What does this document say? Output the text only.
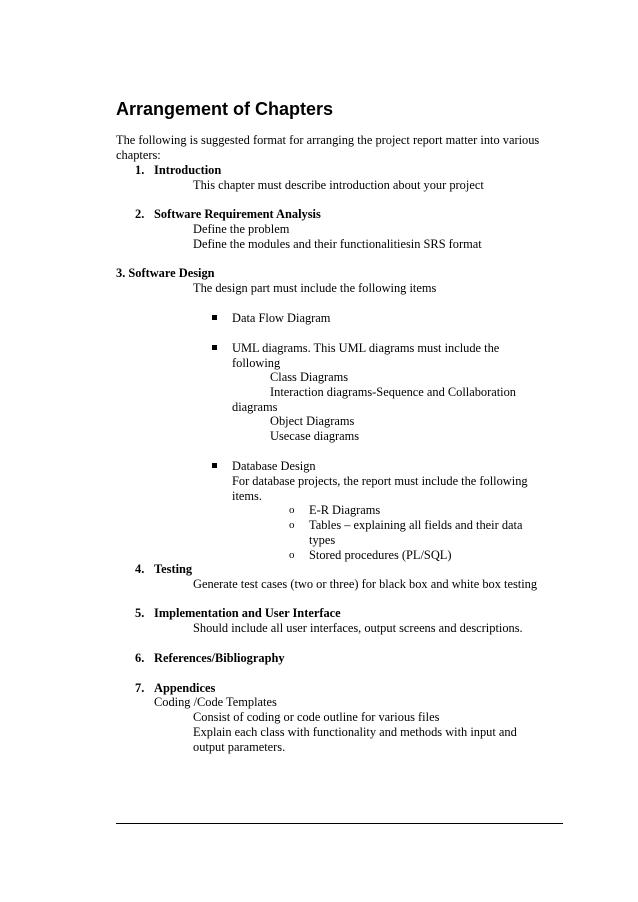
Arrangement of Chapters
The following is suggested format for arranging the project report matter into various
chapters:
1. Introduction
This chapter must describe introduction about your project
2. Software Requirement Analysis
Define the problem
Define the modules and their functionalitiesin SRS format
3. Software Design
The design part must include the following items
Data Flow Diagram
UML diagrams. This UML diagrams must include the
following
Class Diagrams
Interaction diagrams-Sequence and Collaboration
diagrams
Object Diagrams
Usecase diagrams
Database Design
For database projects, the report must include the following
items.
o E-R Diagrams
o Tables – explaining all fields and their data
types
o Stored procedures (PL/SQL)
4. Testing
Generate test cases (two or three) for black box and white box testing
5. Implementation and User Interface
Should include all user interfaces, output screens and descriptions.
6. References/Bibliography
7. Appendices
Coding /Code Templates
Consist of coding or code outline for various files
Explain each class with functionality and methods with input and
output parameters.
